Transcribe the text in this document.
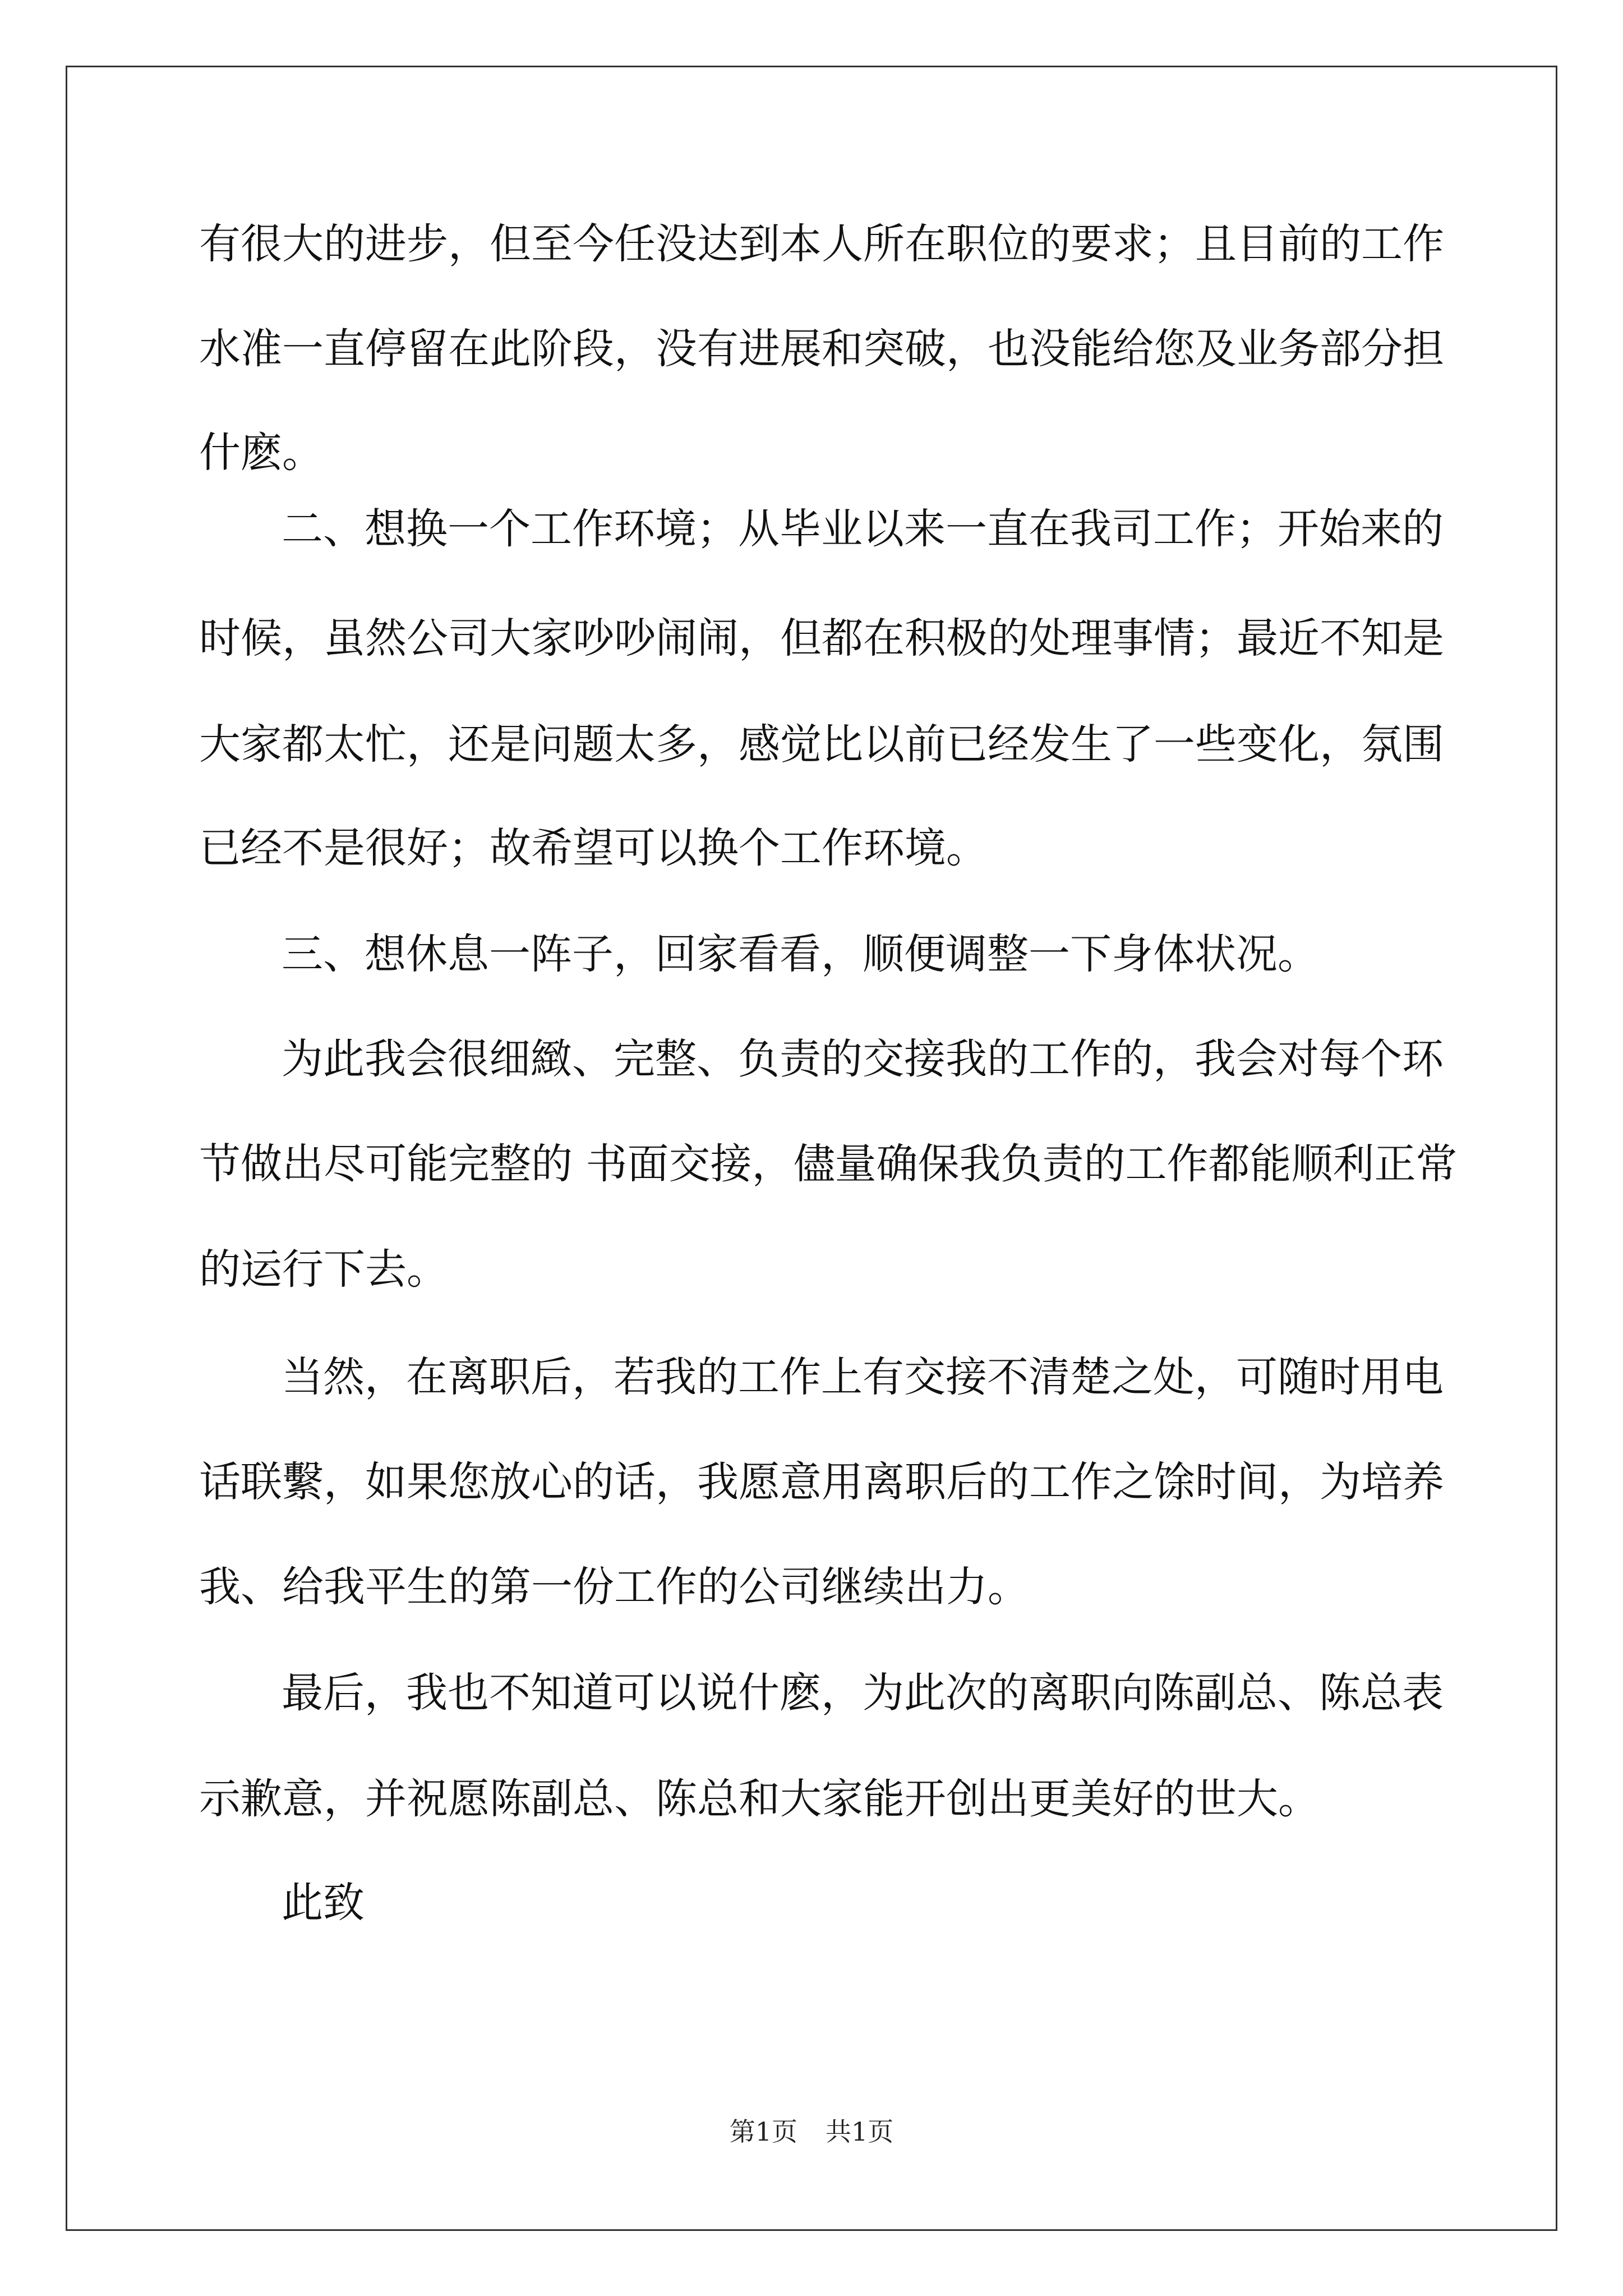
有很大的进步，但至今任没达到本人所在职位的要求；且目前的工作
水准一直停留在此阶段，没有进展和突破，也没能给您及业务部分担
什麽。
二、想换一个工作环境；从毕业以来一直在我司工作；开始来的
时候，虽然公司大家吵吵闹闹，但都在积极的处理事情；最近不知是
大家都太忙，还是问题太多，感觉比以前已经发生了一些变化，氛围
已经不是很好；故希望可以换个工作环境。
三、想休息一阵子，回家看看，顺便调整一下身体状况。
为此我会很细緻、完整、负责的交接我的工作的，我会对每个环
节做出尽可能完整的 书面交接，儘量确保我负责的工作都能顺利正常
的运行下去。
当然，在离职后，若我的工作上有交接不清楚之处，可随时用电
话联繫，如果您放心的话，我愿意用离职后的工作之馀时间，为培养
我、给我平生的第一份工作的公司继续出力。
最后，我也不知道可以说什麽，为此次的离职向陈副总、陈总表
示歉意，并祝愿陈副总、陈总和大家能开创出更美好的世大。
此致
第1页 共1页
